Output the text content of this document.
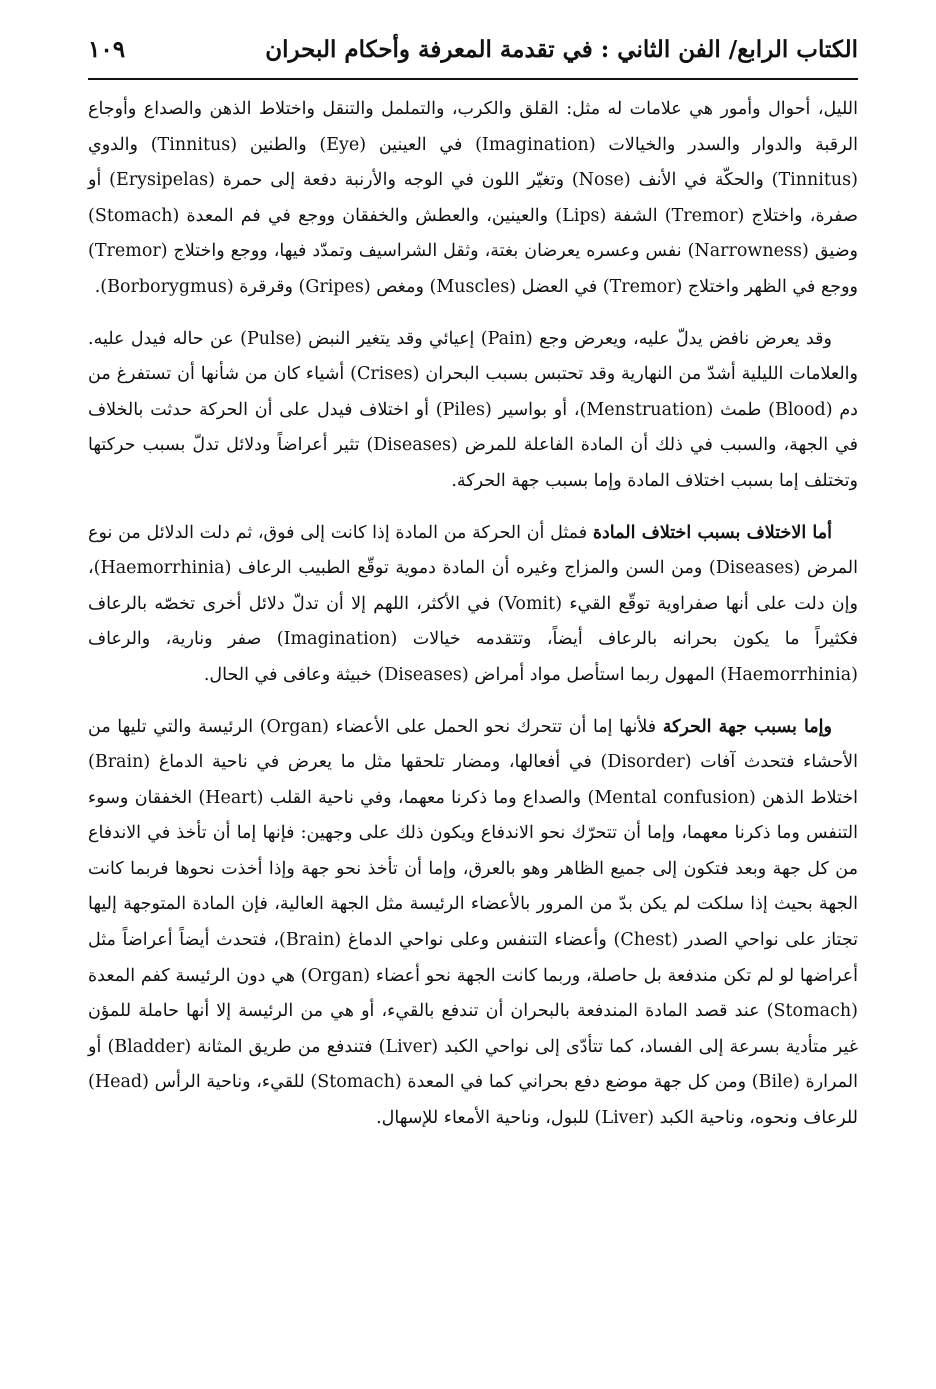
الكتاب الرابع/ الفن الثاني : في تقدمة المعرفة وأحكام البحران
١٠٩

الليل، أحوال وأمور هي علامات له مثل: القلق والكرب، والتململ والتنقل واختلاط الذهن والصداع وأوجاع الرقبة والدوار والسدر والخيالات (Imagination) في العينين (Eye) والطنين (Tinnitus) والدوي (Tinnitus) والحكّة في الأنف (Nose) وتغيّر اللون في الوجه والأرنبة دفعة إلى حمرة (Erysipelas) أو صفرة، واختلاج (Tremor) الشفة (Lips) والعينين، والعطش والخفقان ووجع في فم المعدة (Stomach) وضيق (Narrowness) نفس وعسره يعرضان بغتة، وثقل الشراسيف وتمدّد فيها، ووجع واختلاج (Tremor) ووجع في الظهر واختلاج (Tremor) في العضل (Muscles) ومغص (Gripes) وقرقرة (Borborygmus).

وقد يعرض نافض يدلّ عليه، ويعرض وجع (Pain) إعيائي وقد يتغير النبض (Pulse) عن حاله فيدل عليه. والعلامات الليلية أشدّ من النهارية وقد تحتبس بسبب البحران (Crises) أشياء كان من شأنها أن تستفرغ من دم (Blood) طمث (Menstruation)، أو بواسير (Piles) أو اختلاف فيدل على أن الحركة حدثت بالخلاف في الجهة، والسبب في ذلك أن المادة الفاعلة للمرض (Diseases) تثير أعراضاً ودلائل تدلّ بسبب حركتها وتختلف إما بسبب اختلاف المادة وإما بسبب جهة الحركة.

أما الاختلاف بسبب اختلاف المادة فمثل أن الحركة من المادة إذا كانت إلى فوق، ثم دلت الدلائل من نوع المرض (Diseases) ومن السن والمزاج وغيره أن المادة دموية توقّع الطبيب الرعاف (Haemorrhinia)، وإن دلت على أنها صفراوية توقّع القيء (Vomit) في الأكثر، اللهم إلا أن تدلّ دلائل أخرى تخصّه بالرعاف فكثيراً ما يكون بحرانه بالرعاف أيضاً، وتتقدمه خيالات (Imagination) صفر ونارية، والرعاف (Haemorrhinia) المهول ربما استأصل مواد أمراض (Diseases) خبيثة وعافى في الحال.

وإما بسبب جهة الحركة فلأنها إما أن تتحرك نحو الحمل على الأعضاء (Organ) الرئيسة والتي تليها من الأحشاء فتحدث آفات (Disorder) في أفعالها، ومضار تلحقها مثل ما يعرض في ناحية الدماغ (Brain) اختلاط الذهن (Mental confusion) والصداع وما ذكرنا معهما، وفي ناحية القلب (Heart) الخفقان وسوء التنفس وما ذكرنا معهما، وإما أن تتحرّك نحو الاندفاع ويكون ذلك على وجهين: فإنها إما أن تأخذ في الاندفاع من كل جهة وبعد فتكون إلى جميع الظاهر وهو بالعرق، وإما أن تأخذ نحو جهة وإذا أخذت نحوها فربما كانت الجهة بحيث إذا سلكت لم يكن بدّ من المرور بالأعضاء الرئيسة مثل الجهة العالية، فإن المادة المتوجهة إليها تجتاز على نواحي الصدر (Chest) وأعضاء التنفس وعلى نواحي الدماغ (Brain)، فتحدث أيضاً أعراضاً مثل أعراضها لو لم تكن مندفعة بل حاصلة، وربما كانت الجهة نحو أعضاء (Organ) هي دون الرئيسة كفم المعدة (Stomach) عند قصد المادة المندفعة بالبحران أن تندفع بالقيء، أو هي من الرئيسة إلا أنها حاملة للمؤن غير متأدية بسرعة إلى الفساد، كما تتأدّى إلى نواحي الكبد (Liver) فتندفع من طريق المثانة (Bladder) أو المرارة (Bile) ومن كل جهة موضع دفع بحراني كما في المعدة (Stomach) للقيء، وناحية الرأس (Head) للرعاف ونحوه، وناحية الكبد (Liver) للبول، وناحية الأمعاء للإسهال.
